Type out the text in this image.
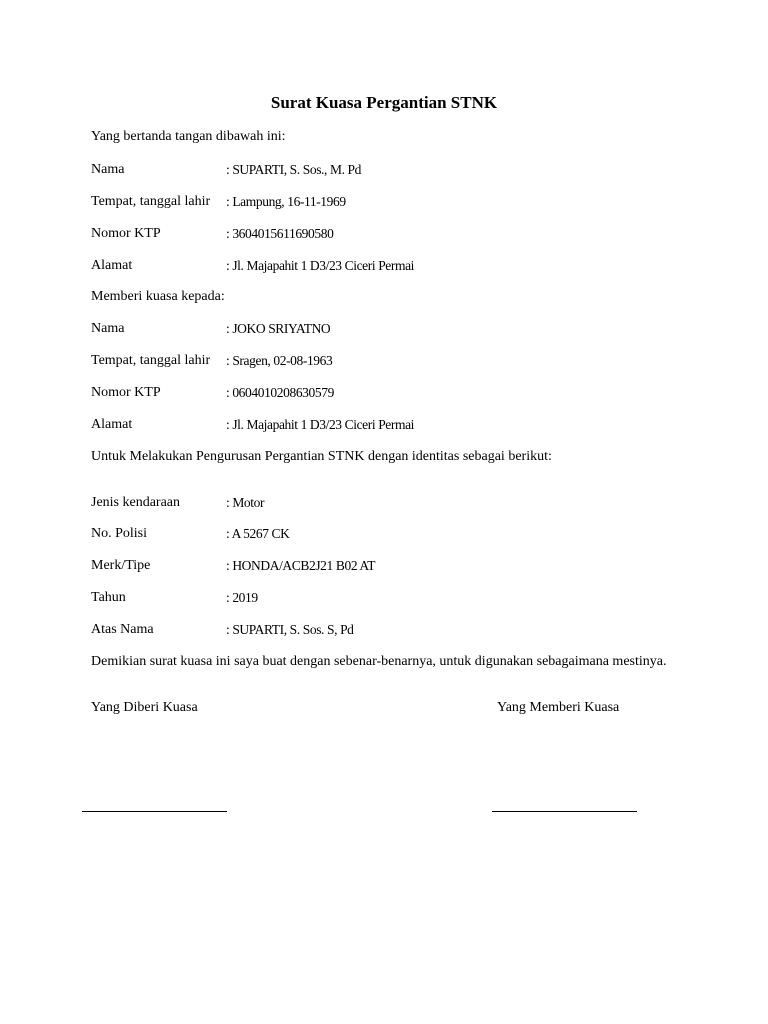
Surat Kuasa Pergantian STNK
Yang bertanda tangan dibawah ini:
Nama	: SUPARTI, S. Sos., M. Pd
Tempat, tanggal lahir : Lampung, 16-11-1969
Nomor KTP	: 3604015611690580
Alamat	: Jl. Majapahit 1 D3/23 Ciceri Permai
Memberi kuasa kepada:
Nama	: JOKO SRIYATNO
Tempat, tanggal lahir : Sragen, 02-08-1963
Nomor KTP	: 0604010208630579
Alamat	: Jl. Majapahit 1 D3/23 Ciceri Permai
Untuk Melakukan Pengurusan Pergantian STNK dengan identitas sebagai berikut:
Jenis kendaraan	: Motor
No. Polisi	: A 5267 CK
Merk/Tipe	: HONDA/ACB2J21 B02 AT
Tahun	: 2019
Atas Nama	: SUPARTI, S. Sos. S, Pd
Demikian surat kuasa ini saya buat dengan sebenar-benarnya, untuk digunakan sebagaimana mestinya.
Yang Diberi Kuasa	Yang Memberi Kuasa
